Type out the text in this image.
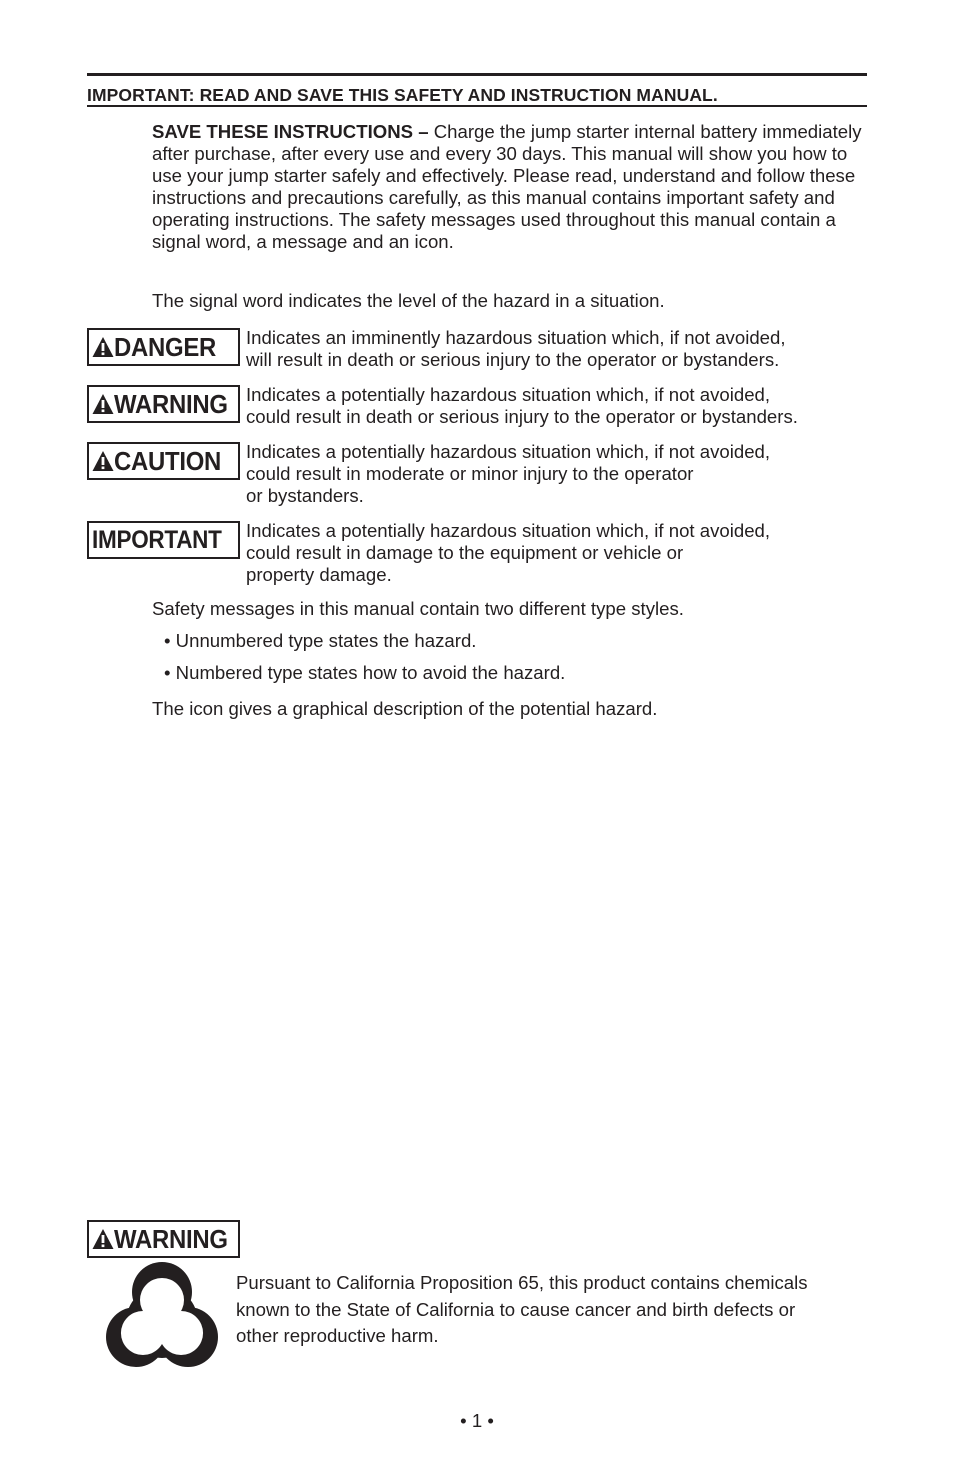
IMPORTANT: READ AND SAVE THIS SAFETY AND INSTRUCTION MANUAL.
SAVE THESE INSTRUCTIONS – Charge the jump starter internal battery immediately after purchase, after every use and every 30 days. This manual will show you how to use your jump starter safely and effectively. Please read, understand and follow these instructions and precautions carefully, as this manual contains important safety and operating instructions. The safety messages used throughout this manual contain a signal word, a message and an icon.
The signal word indicates the level of the hazard in a situation.
DANGER Indicates an imminently hazardous situation which, if not avoided,
will result in death or serious injury to the operator or bystanders.
WARNING Indicates a potentially hazardous situation which, if not avoided,
could result in death or serious injury to the operator or bystanders.
CAUTION Indicates a potentially hazardous situation which, if not avoided,
could result in moderate or minor injury to the operator
or bystanders.
IMPORTANT Indicates a potentially hazardous situation which, if not avoided,
could result in damage to the equipment or vehicle or
property damage.
Safety messages in this manual contain two different type styles.
• Unnumbered type states the hazard.
• Numbered type states how to avoid the hazard.
The icon gives a graphical description of the potential hazard.
WARNING
Pursuant to California Proposition 65, this product contains chemicals
known to the State of California to cause cancer and birth defects or
other reproductive harm.
• 1 •
